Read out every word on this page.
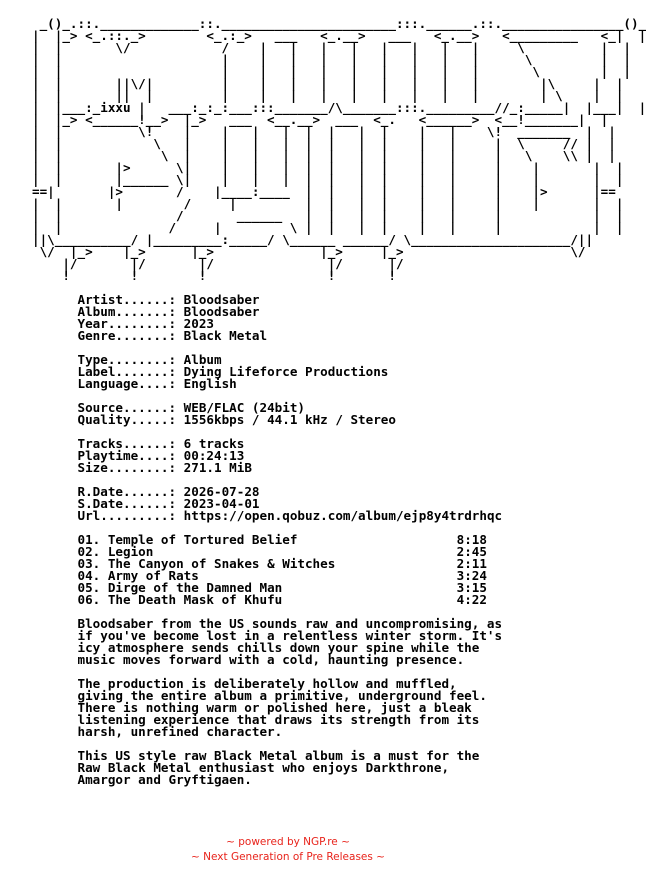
_()_.::._____________::._______________________:::.______.::.________________()_
|  |_> <_.::._>        <_.:_>   ___   <_.__>   ___   <_.__>   <_________   <_|  |
|  |       \/            /    |   |   |   |   |   |   |   |     \          |  |
|  |                     |    |   |   |   |   |   |   |   |      \         |  |
|  |                     |    |   |   |   |   |   |   |   |       \        |  |
|  |       ||\/|         |    |   |   |   |   |   |   |   |        |\     |  |
|  |       ||  |         |    |   |   |   |   |   |   |   |        | \    |  |
|  |___:_ixxu |   ___:_:_:___:::_______/\_______:::._________//_:_____|  |___|  |
|  |_> <______!__>  |_>   ___  <__.__>  ___  <_.   <______>  <__!_______|  |
|  |          \!    |    |   |   |  |  |   |  |    |   |    \!  _______  |  |
|  |            \   |    |   |   |  |  |   |  |    |   |     |  \     // |  |
|  |             \  |    |   |   |  |  |   |  |    |   |     |   \    \\ |  |
|  |       |>      \|    |   |   |  |  |   |  |    |   |     |    |       |  |
|  |       |______ \|    |   |   |  |  |   |  |    |   |     |    |       |  |
==|       |>       /    |____:____  |  |   |  |    |   |     |    |>      |==
|  |       |        /     |         |  |   |  |    |   |     |    |       |  |
|  |               /       ______   |  |   |  |    |   |     |            |  |
|  |              /     |         \ |  |   |  |    |   |     |            |  |
||\__________/ |_________:_____/ \______ ______/ \_____________________/||
\/  |_>    |_>      |_>              |_>     |_>                      \/
|/       |/       |/               |/      |/
!        !        !                !       !

Artist......: Bloodsaber
Album.......: Bloodsaber
Year........: 2023
Genre.......: Black Metal

Type........: Album
Label.......: Dying Lifeforce Productions
Language....: English

Source......: WEB/FLAC (24bit)
Quality.....: 1556kbps / 44.1 kHz / Stereo

Tracks......: 6 tracks
Playtime....: 00:24:13
Size........: 271.1 MiB

R.Date......: 2026-07-28
S.Date......: 2023-04-01
Url.........: https://open.qobuz.com/album/ejp8y4trdrhqc

01. Temple of Tortured Belief	8:18
02. Legion	2:45
03. The Canyon of Snakes & Witches	2:11
04. Army of Rats	3:24
05. Dirge of the Damned Man	3:15
06. The Death Mask of Khufu	4:22

Bloodsaber from the US sounds raw and uncompromising, as
if you've become lost in a relentless winter storm. It's
icy atmosphere sends chills down your spine while the
music moves forward with a cold, haunting presence.

The production is deliberately hollow and muffled,
giving the entire album a primitive, underground feel.
There is nothing warm or polished here, just a bleak
listening experience that draws its strength from its
harsh, unrefined character.

This US style raw Black Metal album is a must for the
Raw Black Metal enthusiast who enjoys Darkthrone,
Amargor and Gryftigaen.
~ powered by NGP.re ~
~ Next Generation of Pre Releases ~
